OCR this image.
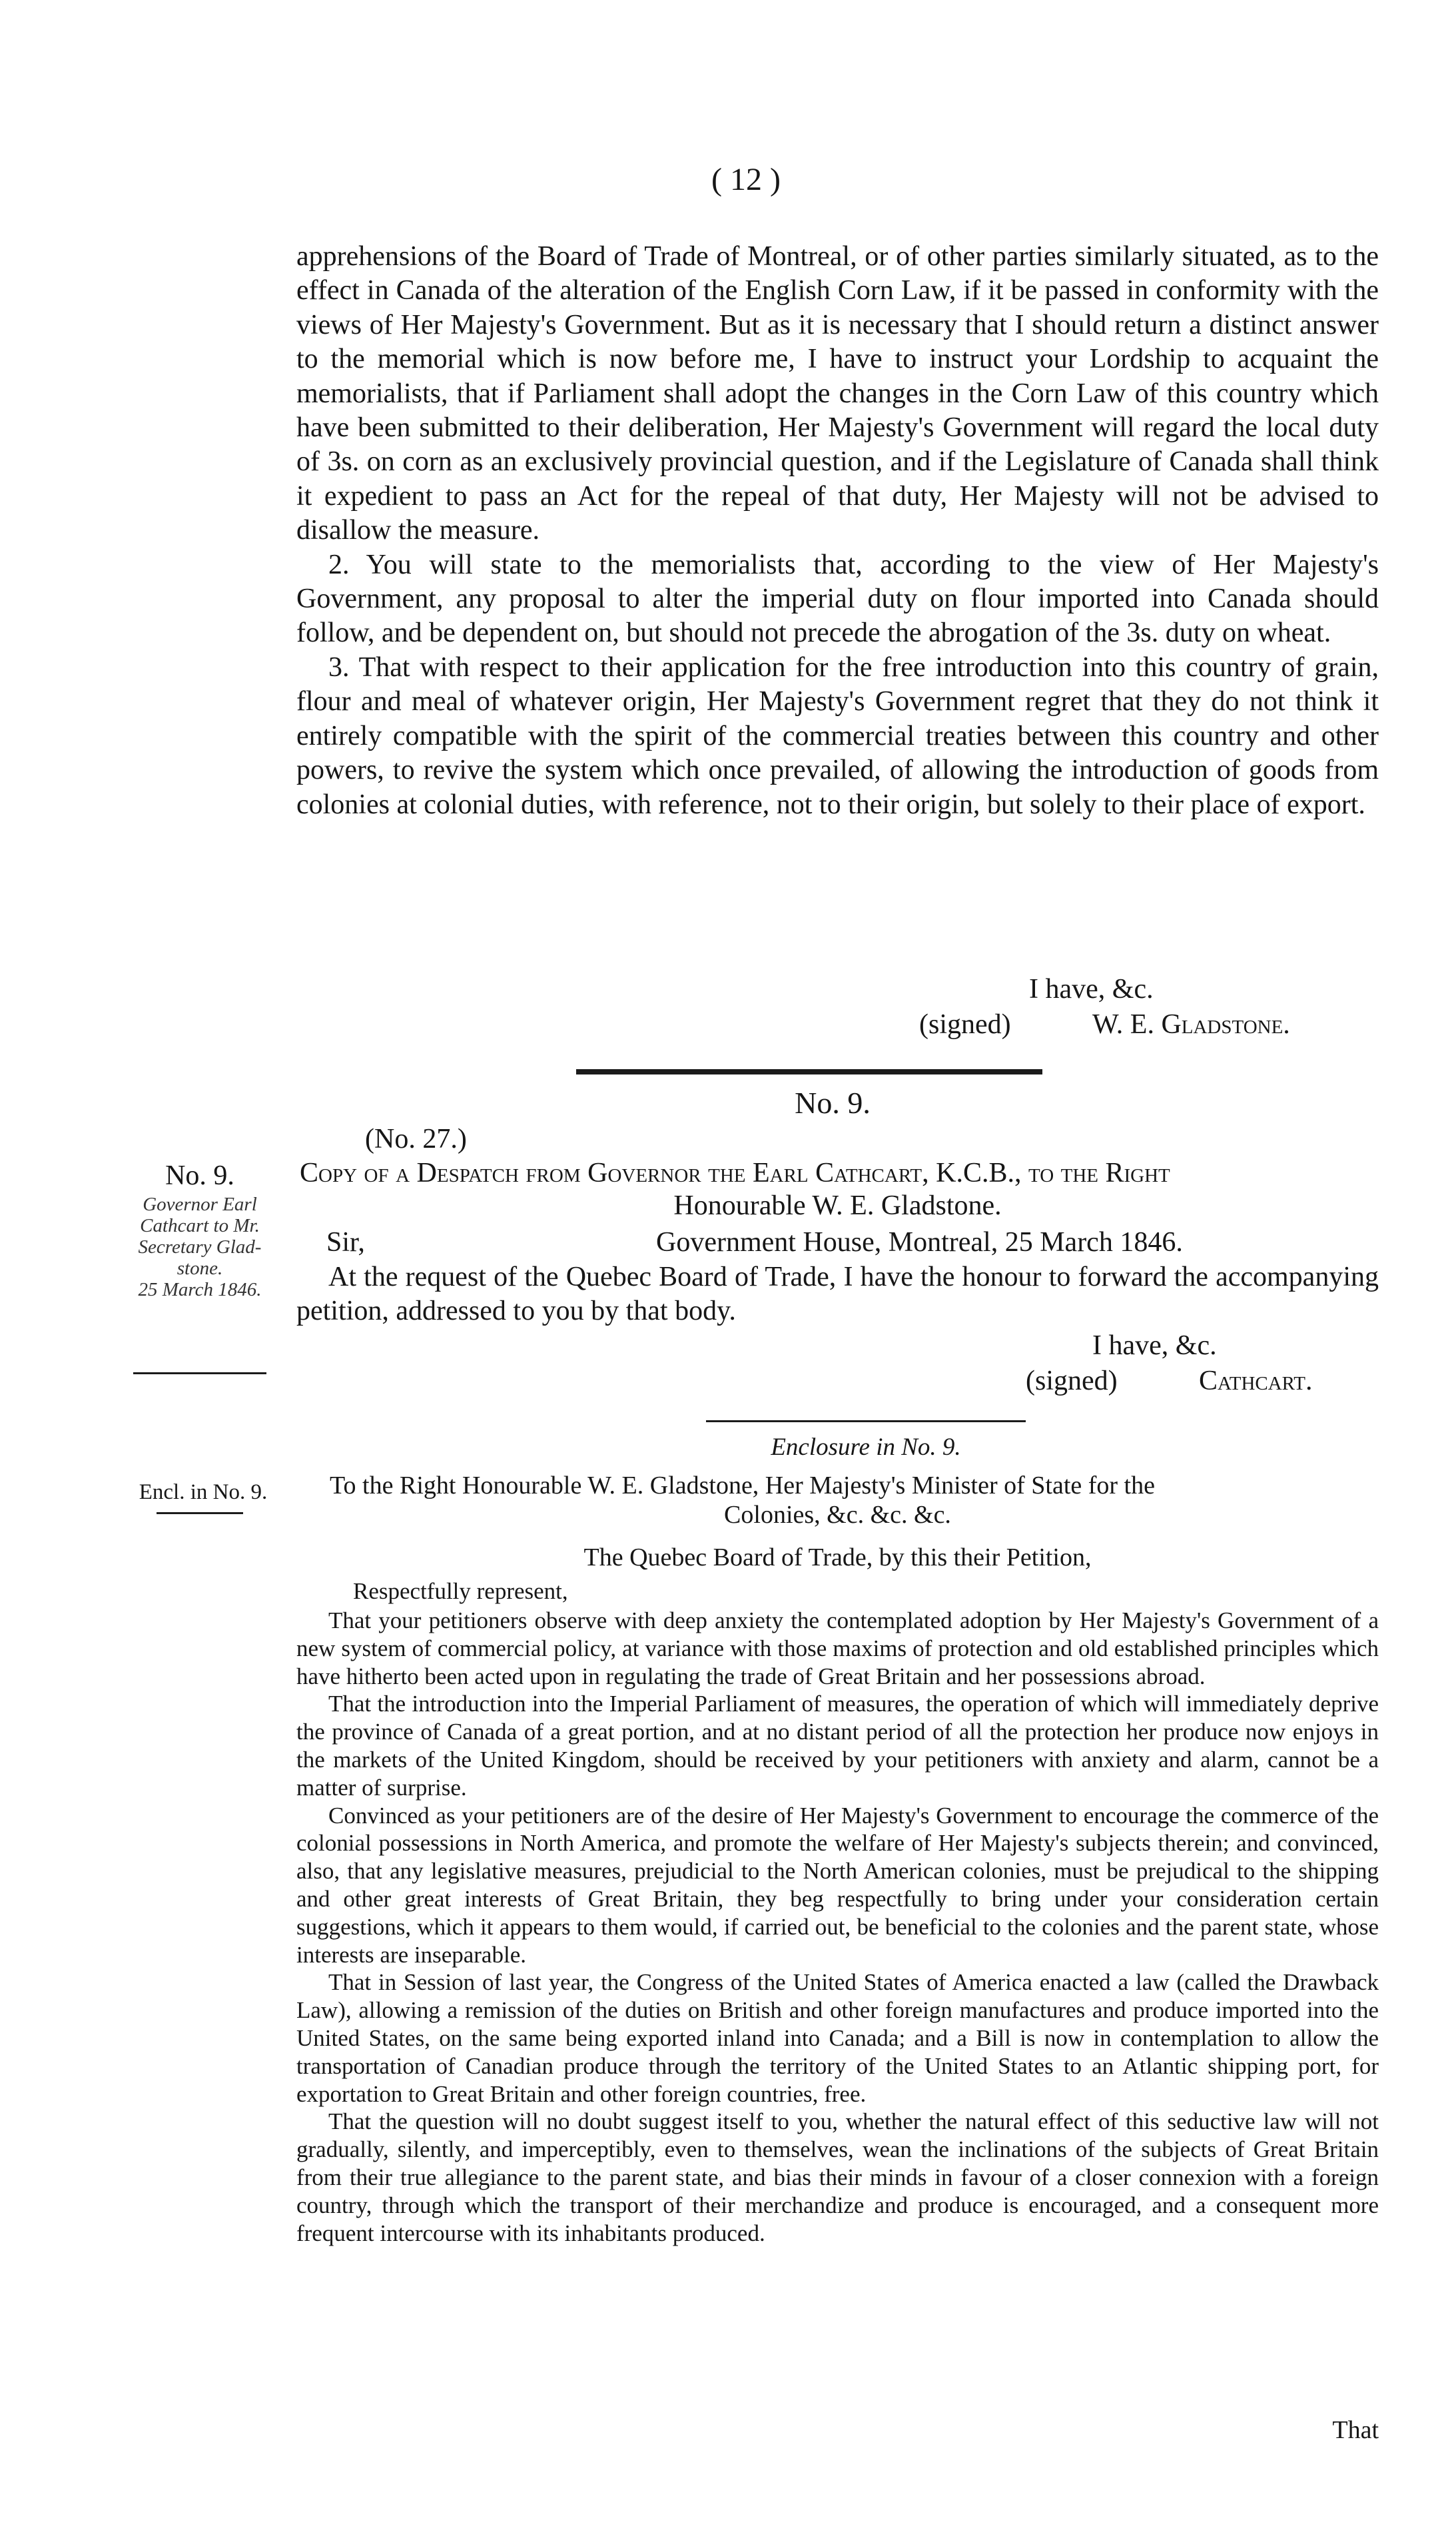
( 12 )

apprehensions of the Board of Trade of Montreal, or of other parties similarly situated, as to the effect in Canada of the alteration of the English Corn Law, if it be passed in conformity with the views of Her Majesty's Government. But as it is necessary that I should return a distinct answer to the memorial which is now before me, I have to instruct your Lordship to acquaint the memorialists, that if Parliament shall adopt the changes in the Corn Law of this country which have been submitted to their deliberation, Her Majesty's Government will regard the local duty of 3s. on corn as an exclusively provincial question, and if the Legislature of Canada shall think it expedient to pass an Act for the repeal of that duty, Her Majesty will not be advised to disallow the measure.

2. You will state to the memorialists that, according to the view of Her Majesty's Government, any proposal to alter the imperial duty on flour imported into Canada should follow, and be dependent on, but should not precede the abrogation of the 3s. duty on wheat.

3. That with respect to their application for the free introduction into this country of grain, flour and meal of whatever origin, Her Majesty's Government regret that they do not think it entirely compatible with the spirit of the commercial treaties between this country and other powers, to revive the system which once prevailed, of allowing the introduction of goods from colonies at colonial duties, with reference, not to their origin, but solely to their place of export.

I have, &c.
(signed)	W. E. Gladstone.
No. 9.
(No. 27.)
Copy of a Despatch from Governor the Earl Cathcart, K.C.B., to the Right
Honourable W. E. Gladstone.
No. 9.
Governor Earl
Cathcart to Mr.
Secretary Glad-
stone.
25 March 1846.
Sir,	Government House, Montreal, 25 March 1846.
At the request of the Quebec Board of Trade, I have the honour to forward the accompanying petition, addressed to you by that body.
I have, &c.
(signed)	Cathcart.
Enclosure in No. 9.
Encl. in No. 9.	To the Right Honourable W. E. Gladstone, Her Majesty's Minister of State for the
Colonies, &c. &c. &c.
The Quebec Board of Trade, by this their Petition,
Respectfully represent,

That your petitioners observe with deep anxiety the contemplated adoption by Her Majesty's Government of a new system of commercial policy, at variance with those maxims of protection and old established principles which have hitherto been acted upon in regulating the trade of Great Britain and her possessions abroad.

That the introduction into the Imperial Parliament of measures, the operation of which will immediately deprive the province of Canada of a great portion, and at no distant period of all the protection her produce now enjoys in the markets of the United Kingdom, should be received by your petitioners with anxiety and alarm, cannot be a matter of surprise.

Convinced as your petitioners are of the desire of Her Majesty's Government to encourage the commerce of the colonial possessions in North America, and promote the welfare of Her Majesty's subjects therein; and convinced, also, that any legislative measures, prejudicial to the North American colonies, must be prejudical to the shipping and other great interests of Great Britain, they beg respectfully to bring under your consideration certain suggestions, which it appears to them would, if carried out, be beneficial to the colonies and the parent state, whose interests are inseparable.

That in Session of last year, the Congress of the United States of America enacted a law (called the Drawback Law), allowing a remission of the duties on British and other foreign manufactures and produce imported into the United States, on the same being exported inland into Canada; and a Bill is now in contemplation to allow the transportation of Canadian produce through the territory of the United States to an Atlantic shipping port, for exportation to Great Britain and other foreign countries, free.

That the question will no doubt suggest itself to you, whether the natural effect of this seductive law will not gradually, silently, and imperceptibly, even to themselves, wean the inclinations of the subjects of Great Britain from their true allegiance to the parent state, and bias their minds in favour of a closer connexion with a foreign country, through which the transport of their merchandize and produce is encouraged, and a consequent more frequent intercourse with its inhabitants produced.

That
